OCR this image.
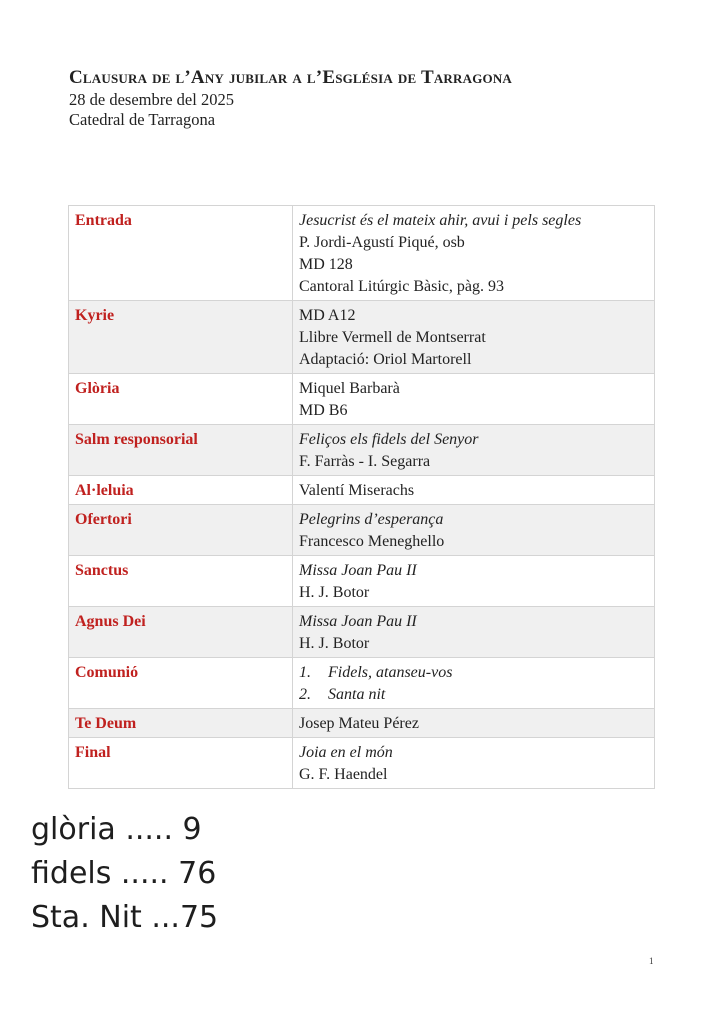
Clausura de l’Any jubilar a l’Església de Tarragona
28 de desembre del 2025
Catedral de Tarragona
Entrada	Jesucrist és el mateix ahir, avui i pels segles
P. Jordi-Agustí Piqué, osb
MD 128
Cantoral Litúrgic Bàsic, pàg. 93

Kyrie	MD A12
Llibre Vermell de Montserrat
Adaptació: Oriol Martorell

Glòria	Miquel Barbarà
MD B6

Salm responsorial	Feliços els fidels del Senyor
F. Farràs - I. Segarra

Al·leluia	Valentí Miserachs

Ofertori	Pelegrins d’esperança
Francesco Meneghello

Sanctus	Missa Joan Pau II
H. J. Botor

Agnus Dei	Missa Joan Pau II
H. J. Botor

Comunió	1. Fidels, atanseu-vos
2. Santa nit

Te Deum	Josep Mateu Pérez

Final	Joia en el món
G. F. Haendel
glòria ..... 9
fidels ..... 76
Sta. Nit ...75
1
